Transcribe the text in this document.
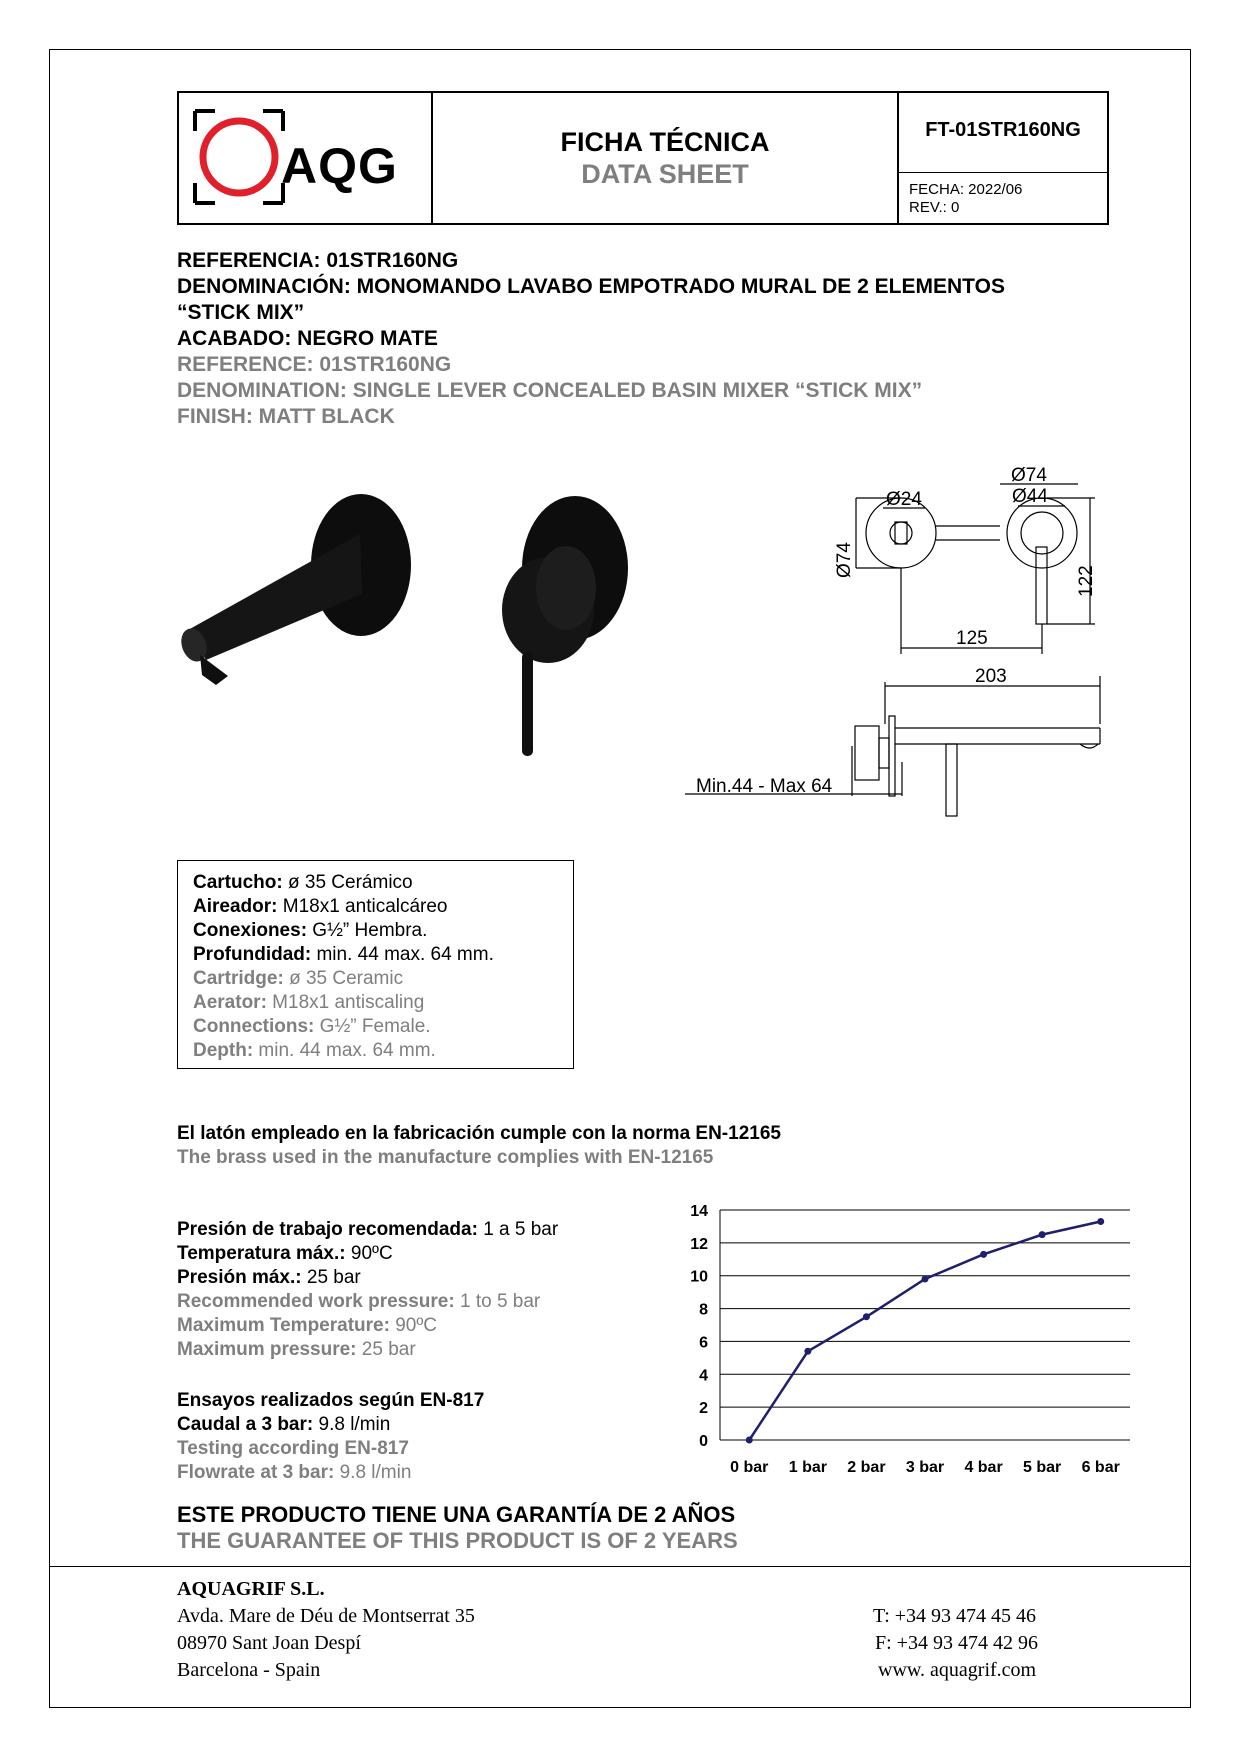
AQG	FICHA TÉCNICA
DATA SHEET
FT-01STR160NG
FECHA: 2022/06
REV.: 0
REFERENCIA: 01STR160NG
DENOMINACIÓN: MONOMANDO LAVABO EMPOTRADO MURAL DE 2 ELEMENTOS
“STICK MIX”
ACABADO: NEGRO MATE
REFERENCE: 01STR160NG
DENOMINATION: SINGLE LEVER CONCEALED BASIN MIXER “STICK MIX”
FINISH: MATT BLACK
Ø74
Ø24	Ø44
Ø74
122
125
203
Min.44 - Max 64
Cartucho: ø 35 Cerámico
Aireador: M18x1 anticalcáreo
Conexiones: G½” Hembra.
Profundidad: min. 44 max. 64 mm.
Cartridge: ø 35 Ceramic
Aerator: M18x1 antiscaling
Connections: G½” Female.
Depth: min. 44 max. 64 mm.
El latón empleado en la fabricación cumple con la norma EN-12165
The brass used in the manufacture complies with EN-12165
Presión de trabajo recomendada: 1 a 5 bar
Temperatura máx.: 90ºC
Presión máx.: 25 bar
Recommended work pressure: 1 to 5 bar
Maximum Temperature: 90ºC
Maximum pressure: 25 bar
Ensayos realizados según EN-817
Caudal a 3 bar: 9.8 l/min
Testing according EN-817
Flowrate at 3 bar: 9.8 l/min
0
2
4
6
8
10
12
14
0 bar 1 bar 2 bar 3 bar 4 bar 5 bar 6 bar
ESTE PRODUCTO TIENE UNA GARANTÍA DE 2 AÑOS
THE GUARANTEE OF THIS PRODUCT IS OF 2 YEARS
AQUAGRIF S.L.
Avda. Mare de Déu de Montserrat 35
08970 Sant Joan Despí
Barcelona - Spain
T: +34 93 474 45 46
F: +34 93 474 42 96
www. aquagrif.com
